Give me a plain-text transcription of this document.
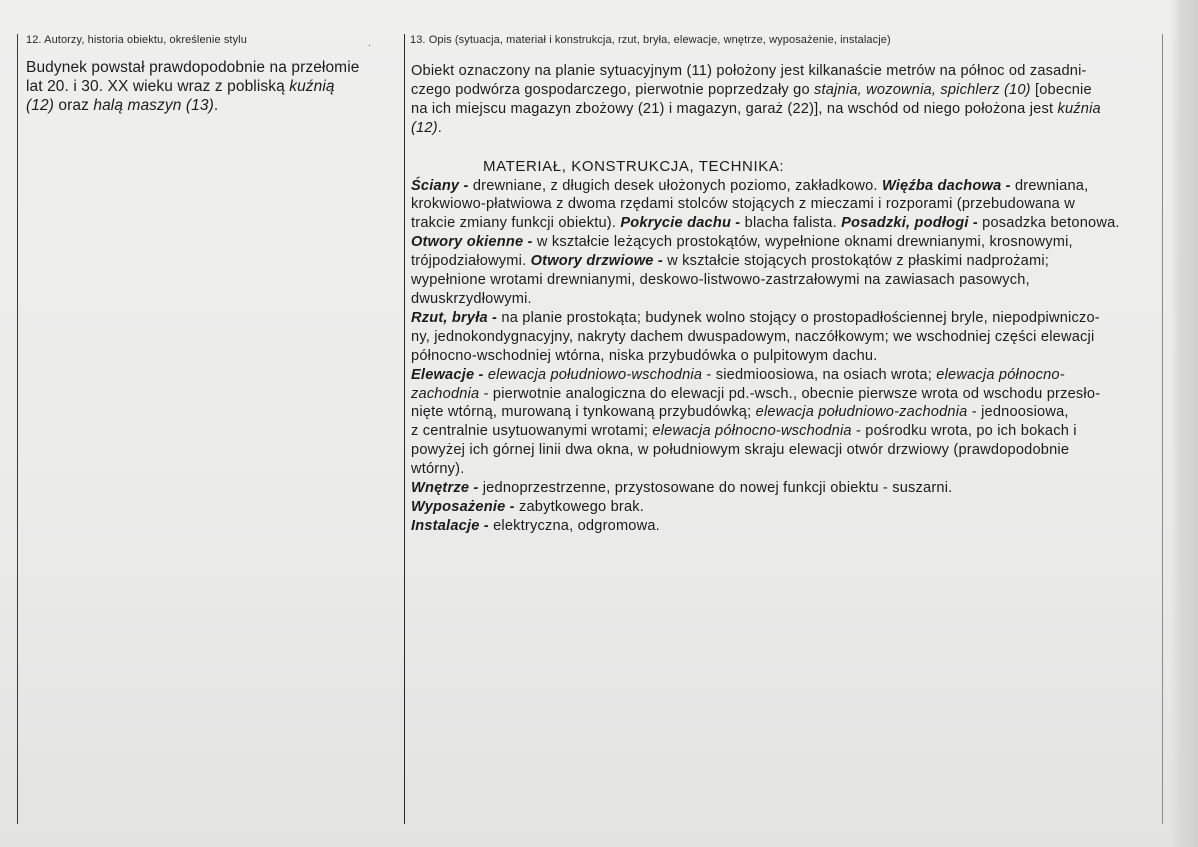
12. Autorzy, historia obiektu, określenie stylu	.	13. Opis (sytuacja, materiał i konstrukcja, rzut, bryła, elewacje, wnętrze, wyposażenie, instalacje)

Budynek powstał prawdopodobnie na przełomie

lat 20. i 30. XX wieku wraz z pobliską kuźnią

(12) oraz halą maszyn (13).

Obiekt oznaczony na planie sytuacyjnym (11) położony jest kilkanaście metrów na północ od zasadni-
czego podwórza gospodarczego, pierwotnie poprzedzały go stajnia, wozownia, spichlerz (10) [obecnie
na ich miejscu magazyn zbożowy (21) i magazyn, garaż (22)], na wschód od niego położona jest kuźnia
(12).
MATERIAŁ, KONSTRUKCJA, TECHNIKA:
Ściany - drewniane, z długich desek ułożonych poziomo, zakładkowo. Więźba dachowa - drewniana,
krokwiowo-płatwiowa z dwoma rzędami stolców stojących z mieczami i rozporami (przebudowana w
trakcie zmiany funkcji obiektu). Pokrycie dachu - blacha falista. Posadzki, podłogi - posadzka betonowa.
Otwory okienne - w kształcie leżących prostokątów, wypełnione oknami drewnianymi, krosnowymi,
trójpodziałowymi. Otwory drzwiowe - w kształcie stojących prostokątów z płaskimi nadprożami;
wypełnione wrotami drewnianymi, deskowo-listwowo-zastrzałowymi na zawiasach pasowych,
dwuskrzydłowymi.
Rzut, bryła - na planie prostokąta; budynek wolno stojący o prostopadłościennej bryle, niepodpiwniczo-
ny, jednokondygnacyjny, nakryty dachem dwuspadowym, naczółkowym; we wschodniej części elewacji
północno-wschodniej wtórna, niska przybudówka o pulpitowym dachu.
Elewacje - elewacja południowo-wschodnia - siedmioosiowa, na osiach wrota; elewacja północno-
zachodnia - pierwotnie analogiczna do elewacji pd.-wsch., obecnie pierwsze wrota od wschodu przesło-
nięte wtórną, murowaną i tynkowaną przybudówką; elewacja południowo-zachodnia - jednoosiowa,
z centralnie usytuowanymi wrotami; elewacja północno-wschodnia - pośrodku wrota, po ich bokach i
powyżej ich górnej linii dwa okna, w południowym skraju elewacji otwór drzwiowy (prawdopodobnie
wtórny).
Wnętrze - jednoprzestrzenne, przystosowane do nowej funkcji obiektu - suszarni.
Wyposażenie - zabytkowego brak.
Instalacje - elektryczna, odgromowa.
